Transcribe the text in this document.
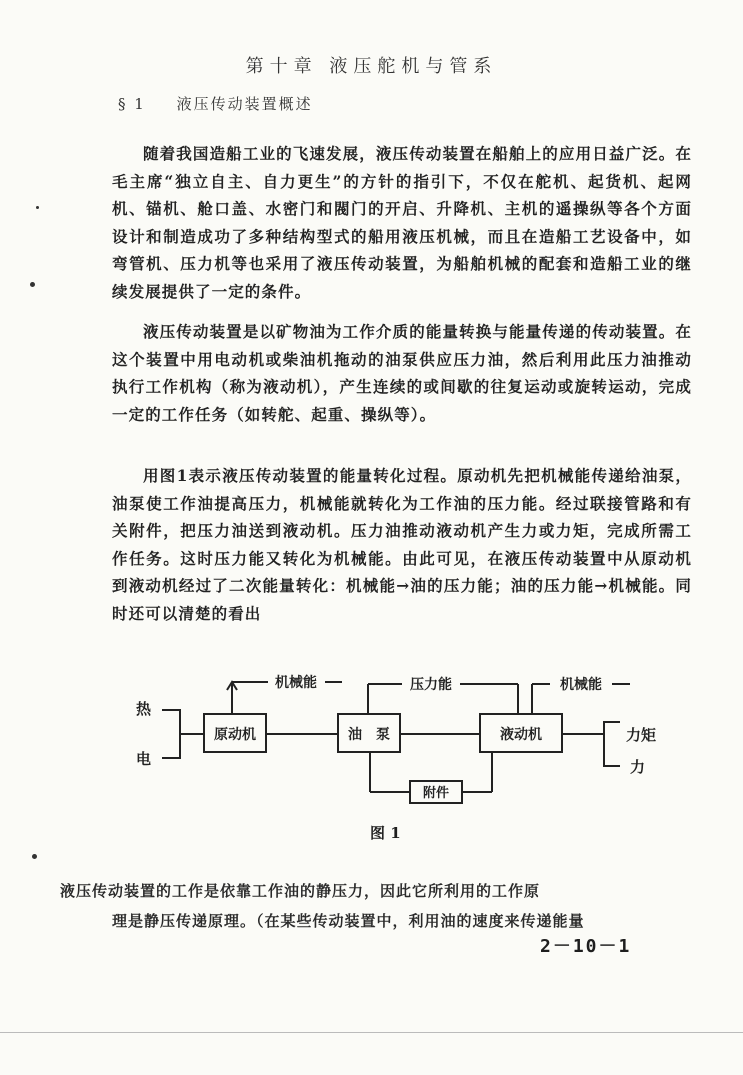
第十章 液压舵机与管系
§ 1 液压传动装置概述

随着我国造船工业的飞速发展，液压传动装置在船舶上的应用日益广泛。在毛主席“独立自主、自力更生”的方针的指引下，不仅在舵机、起货机、起网机、锚机、舱口盖、水密门和閥门的开启、升降机、主机的遥操纵等各个方面设计和制造成功了多种结构型式的船用液压机械，而且在造船工艺设备中，如弯管机、压力机等也采用了液压传动装置，为船舶机械的配套和造船工业的继续发展提供了一定的条件。

液压传动装置是以矿物油为工作介质的能量转换与能量传递的传动装置。在这个装置中用电动机或柴油机拖动的油泵供应压力油，然后利用此压力油推动执行工作机构（称为液动机），产生连续的或间歇的往复运动或旋转运动，完成一定的工作任务（如转舵、起重、操纵等）。

用图1表示液压传动装置的能量转化过程。原动机先把机械能传递给油泵，油泵使工作油提高压力，机械能就转化为工作油的压力能。经过联接管路和有关附件，把压力油送到液动机。压力油推动液动机产生力或力矩，完成所需工作任务。这时压力能又转化为机械能。由此可见，在液压传动装置中从原动机到液动机经过了二次能量转化：机械能→油的压力能；油的压力能→机械能。同时还可以清楚的看出

热
电
原动机	油　泵	液动机
附件
机械能	压力能	机械能
力矩
力
图 1

液压传动装置的工作是依靠工作油的静压力，因此它所利用的工作原

理是静压传递原理。（在某些传动装置中，利用油的速度来传递能量

2－10－1
